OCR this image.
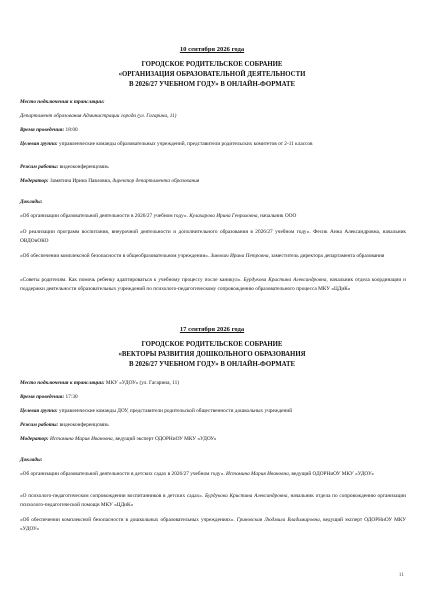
10 сентября 2026 года
ГОРОДСКОЕ РОДИТЕЛЬСКОЕ СОБРАНИЕ
«ОРГАНИЗАЦИЯ ОБРАЗОВАТЕЛЬНОЙ ДЕЯТЕЛЬНОСТИ
В 2026/27 УЧЕБНОМ ГОДУ» В ОНЛАЙН-ФОРМАТЕ

Место подключения к трансляции:

Департамент образования Администрации города (ул. Гагарина, 11)

Время проведения: 18:00

Целевая группа: управленческие команды образовательных учреждений, представители родительских комитетов от 2-11 классов

Режим работы: видеоконференцсвязь

Модератор: Замятина Ирина Павловна, директор департамента образования

Доклады:

«Об организации образовательной деятельности в 2026/27 учебном году». Кулахарова Ирина Генриховна, начальник ООО

«О реализации программ воспитания, внеурочной деятельности и дополнительного образования в 2026/27 учебном году». Фесик Анна Александровна, начальник ОВДОиОКО

«Об обеспечении комплексной безопасности в общеобразовательном учреждении». Зинович Ирина Петровна, заместитель директора департамента образования

«Советы родителям. Как помочь ребенку адаптироваться к учебному процессу после каникул». Бурдукова Кристина Александровна, начальник отдела координации и поддержки деятельности образовательных учреждений по психолого-педагогическому сопровождению образовательного процесса МКУ «ЦДиК»

17 сентября 2026 года
ГОРОДСКОЕ РОДИТЕЛЬСКОЕ СОБРАНИЕ
«ВЕКТОРЫ РАЗВИТИЯ ДОШКОЛЬНОГО ОБРАЗОВАНИЯ
В 2026/27 УЧЕБНОМ ГОДУ» В ОНЛАЙН-ФОРМАТЕ

Место подключения к трансляции: МКУ «УДОУ» (ул. Гагарина, 11)

Время проведения: 17:30

Целевая группа: управленческие команды ДОУ, представители родительской общественности дошкольных учреждений

Режим работы: видеоконференцсвязь

Модератор: Истомина Мария Ивановна, ведущий эксперт ОДОРНиОУ МКУ «УДОУ»

Доклады:

«Об организации образовательной деятельности в детских садах в 2026/27 учебном году». Истомина Мария Ивановна, ведущий ОДОРНиОУ МКУ «УДОУ»

«О психолого-педагогическом сопровождении воспитанников в детских садах». Бурдукова Кристина Александровна, начальник отдела по сопровождению организации психолого-педагогической помощи МКУ «ЦДиК»

«Об обеспечении комплексной безопасности в дошкольных образовательных учреждениях». Гриновская Людмила Владимировна, ведущий эксперт ОДОРНиОУ МКУ «УДОУ»

11
